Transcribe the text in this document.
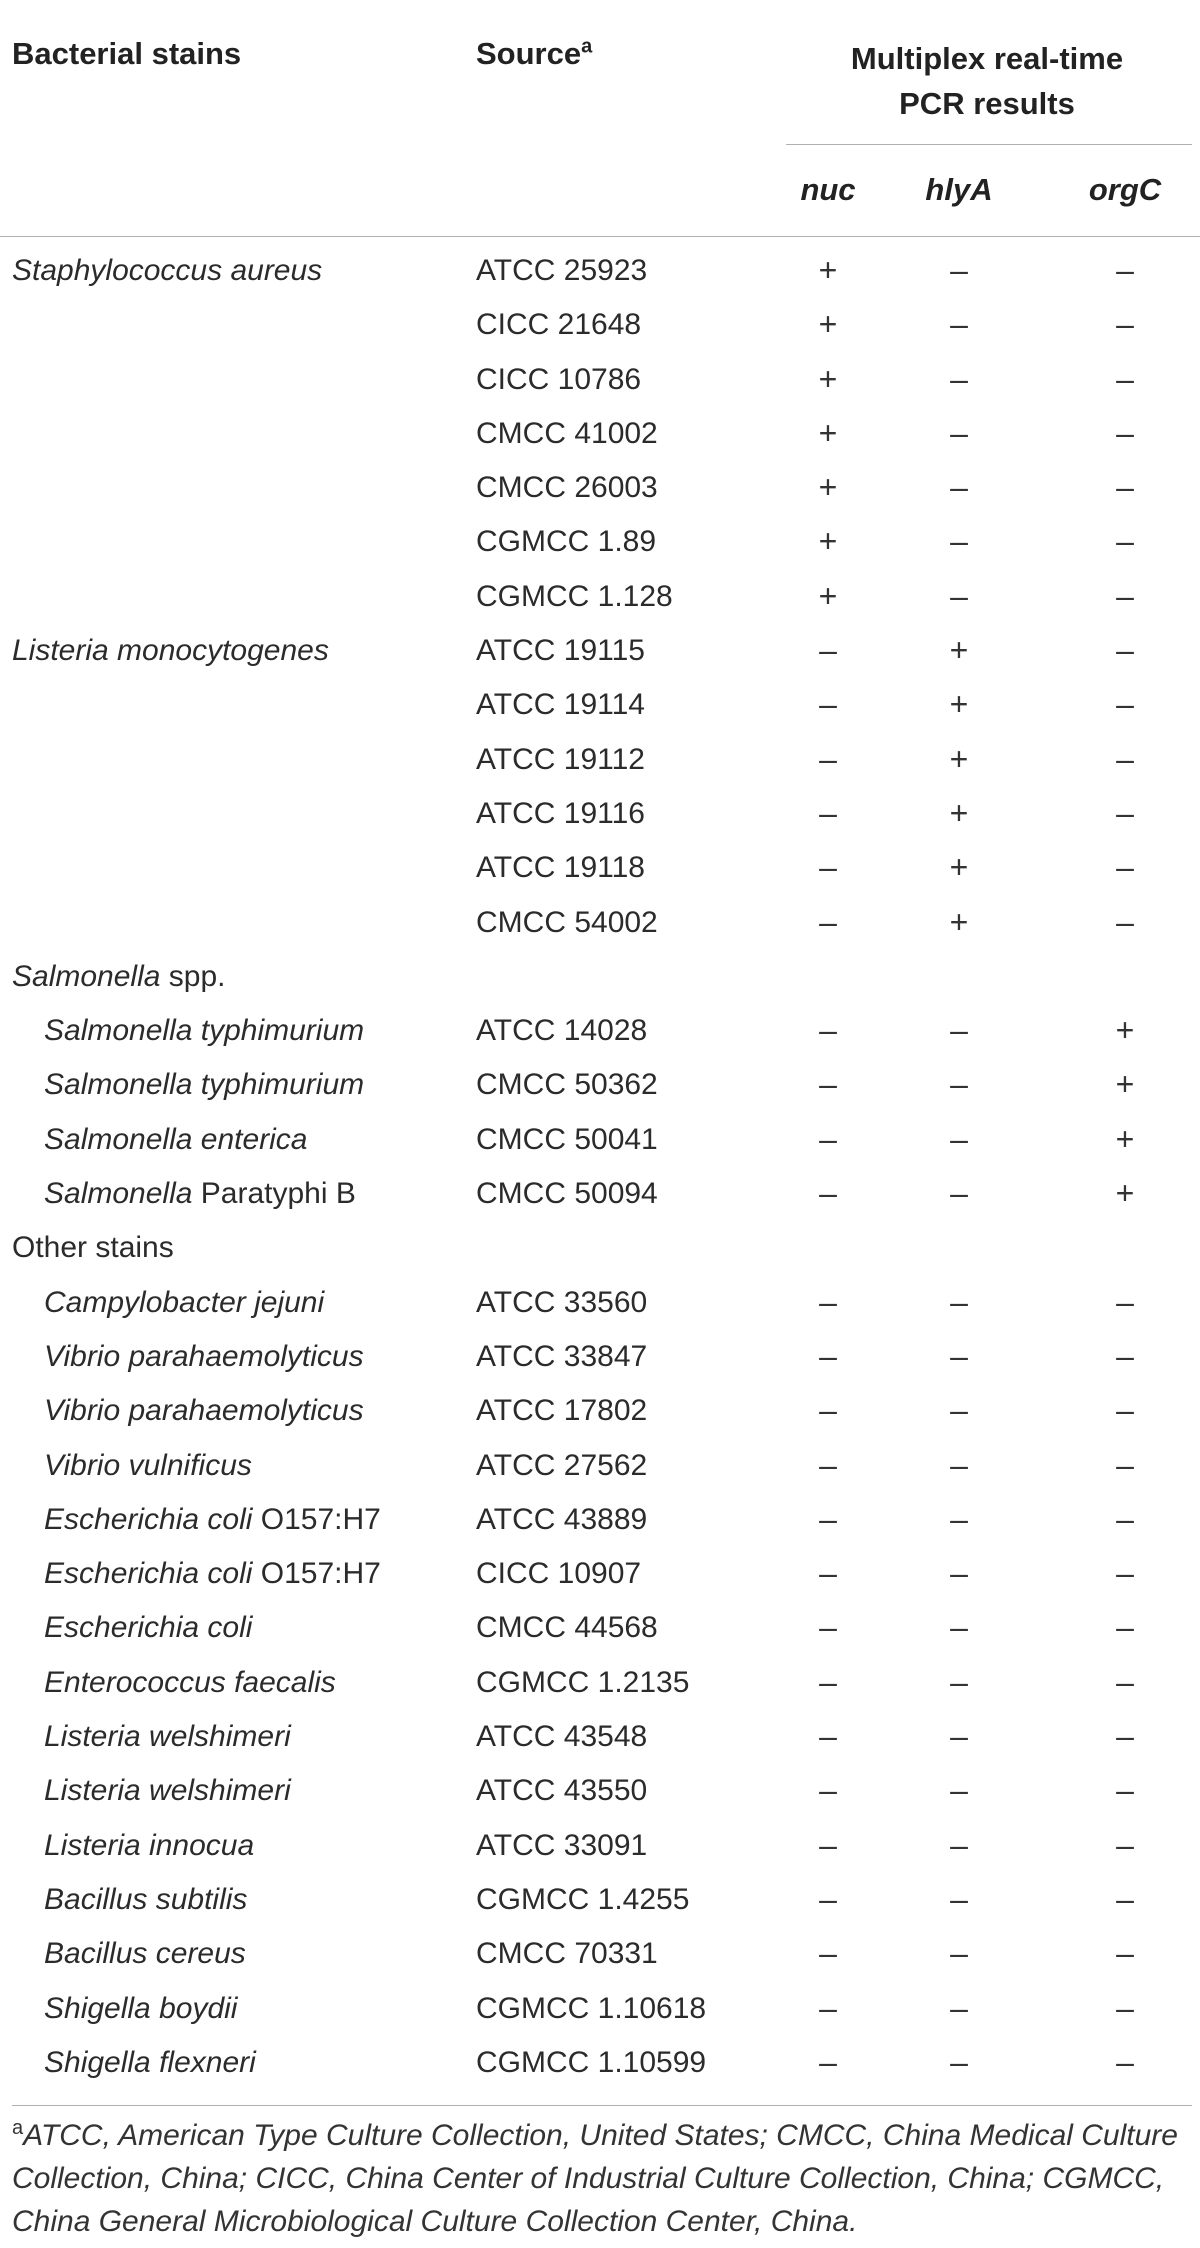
Bacterial stains	Source$^a$	Multiplex real-time
PCR results
nuc	hlyA	orgC
Staphylococcus aureus	ATCC 25923	+	–	–
CICC 21648	+	–	–
CICC 10786	+	–	–
CMCC 41002	+	–	–
CMCC 26003	+	–	–
CGMCC 1.89	+	–	–
CGMCC 1.128	+	–	–
Listeria monocytogenes	ATCC 19115	–	+	–
ATCC 19114	–	+	–
ATCC 19112	–	+	–
ATCC 19116	–	+	–
ATCC 19118	–	+	–
CMCC 54002	–	+	–
Salmonella spp.
Salmonella typhimurium	ATCC 14028	–	–	+
Salmonella typhimurium	CMCC 50362	–	–	+
Salmonella enterica	CMCC 50041	–	–	+
Salmonella Paratyphi B	CMCC 50094	–	–	+
Other stains
Campylobacter jejuni	ATCC 33560	–	–	–
Vibrio parahaemolyticus	ATCC 33847	–	–	–
Vibrio parahaemolyticus	ATCC 17802	–	–	–
Vibrio vulnificus	ATCC 27562	–	–	–
Escherichia coli O157:H7	ATCC 43889	–	–	–
Escherichia coli O157:H7	CICC 10907	–	–	–
Escherichia coli	CMCC 44568	–	–	–
Enterococcus faecalis	CGMCC 1.2135	–	–	–
Listeria welshimeri	ATCC 43548	–	–	–
Listeria welshimeri	ATCC 43550	–	–	–
Listeria innocua	ATCC 33091	–	–	–
Bacillus subtilis	CGMCC 1.4255	–	–	–
Bacillus cereus	CMCC 70331	–	–	–
Shigella boydii	CGMCC 1.10618	–	–	–
Shigella flexneri	CGMCC 1.10599	–	–	–
$^a$ATCC, American Type Culture Collection, United States; CMCC, China Medical Culture Collection, China; CICC, China Center of Industrial Culture Collection, China; CGMCC, China General Microbiological Culture Collection Center, China.
